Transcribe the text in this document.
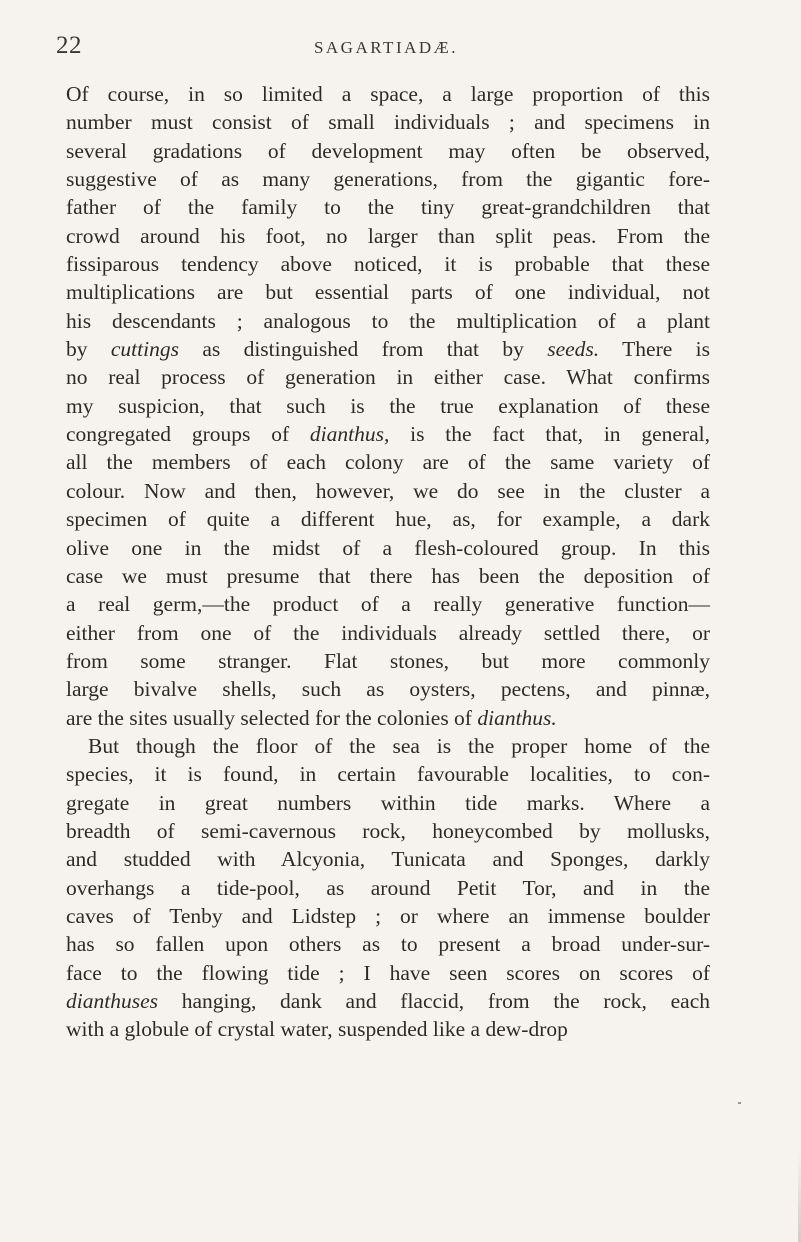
22	SAGARTIADÆ.
Of course, in so limited a space, a large proportion of this
number must consist of small individuals ; and specimens in
several gradations of development may often be observed,
suggestive of as many generations, from the gigantic fore-
father of the family to the tiny great-grandchildren that
crowd around his foot, no larger than split peas. From the
fissiparous tendency above noticed, it is probable that these
multiplications are but essential parts of one individual, not
his descendants ; analogous to the multiplication of a plant
by cuttings as distinguished from that by seeds. There is
no real process of generation in either case. What confirms
my suspicion, that such is the true explanation of these
congregated groups of dianthus, is the fact that, in general,
all the members of each colony are of the same variety of
colour. Now and then, however, we do see in the cluster a
specimen of quite a different hue, as, for example, a dark
olive one in the midst of a flesh-coloured group. In this
case we must presume that there has been the deposition of
a real germ,—the product of a really generative function—
either from one of the individuals already settled there, or
from some stranger. Flat stones, but more commonly
large bivalve shells, such as oysters, pectens, and pinnæ,
are the sites usually selected for the colonies of dianthus.
But though the floor of the sea is the proper home of the
species, it is found, in certain favourable localities, to con-
gregate in great numbers within tide marks. Where a
breadth of semi-cavernous rock, honeycombed by mollusks,
and studded with Alcyonia, Tunicata and Sponges, darkly
overhangs a tide-pool, as around Petit Tor, and in the
caves of Tenby and Lidstep ; or where an immense boulder
has so fallen upon others as to present a broad under-sur-
face to the flowing tide ; I have seen scores on scores of
dianthuses hanging, dank and flaccid, from the rock, each
with a globule of crystal water, suspended like a dew-drop
